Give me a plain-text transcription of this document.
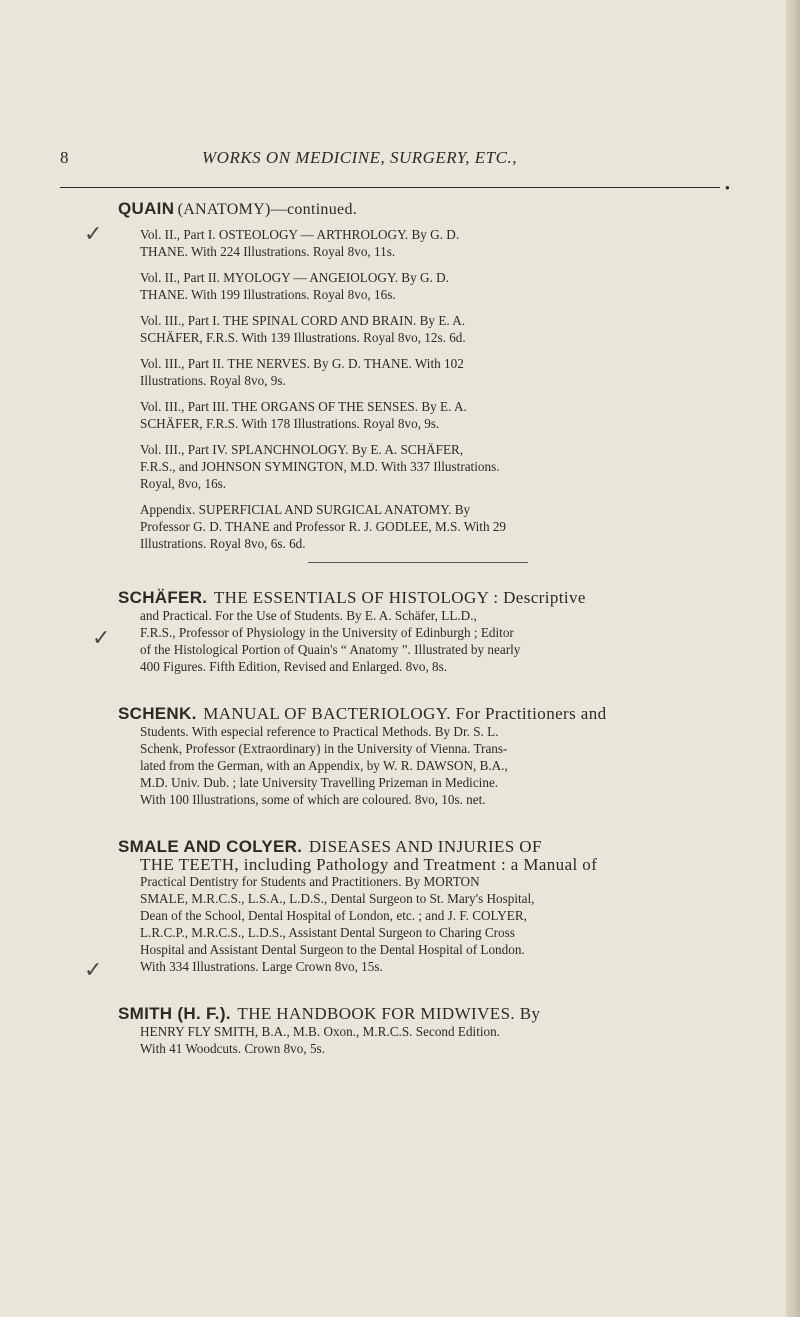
8	WORKS ON MEDICINE, SURGERY, ETC.,
●
✓
✓
✓
QUAIN (ANATOMY)—continued.
Vol. II., Part I. OSTEOLOGY — ARTHROLOGY. By G. D.
THANE. With 224 Illustrations. Royal 8vo, 11s.
Vol. II., Part II. MYOLOGY — ANGEIOLOGY. By G. D.
THANE. With 199 Illustrations. Royal 8vo, 16s.
Vol. III., Part I. THE SPINAL CORD AND BRAIN. By E. A.
SCHÄFER, F.R.S. With 139 Illustrations. Royal 8vo, 12s. 6d.
Vol. III., Part II. THE NERVES. By G. D. THANE. With 102
Illustrations. Royal 8vo, 9s.
Vol. III., Part III. THE ORGANS OF THE SENSES. By E. A.
SCHÄFER, F.R.S. With 178 Illustrations. Royal 8vo, 9s.
Vol. III., Part IV. SPLANCHNOLOGY. By E. A. SCHÄFER,
F.R.S., and JOHNSON SYMINGTON, M.D. With 337 Illustrations.
Royal, 8vo, 16s.
Appendix. SUPERFICIAL AND SURGICAL ANATOMY. By
Professor G. D. THANE and Professor R. J. GODLEE, M.S. With 29
Illustrations. Royal 8vo, 6s. 6d.
SCHÄFER. THE ESSENTIALS OF HISTOLOGY : Descriptive
and Practical. For the Use of Students. By E. A. Schäfer, LL.D.,
F.R.S., Professor of Physiology in the University of Edinburgh ; Editor
of the Histological Portion of Quain's “ Anatomy ”. Illustrated by nearly
400 Figures. Fifth Edition, Revised and Enlarged. 8vo, 8s.
SCHENK. MANUAL OF BACTERIOLOGY. For Practitioners and
Students. With especial reference to Practical Methods. By Dr. S. L.
Schenk, Professor (Extraordinary) in the University of Vienna. Trans-
lated from the German, with an Appendix, by W. R. DAWSON, B.A.,
M.D. Univ. Dub. ; late University Travelling Prizeman in Medicine.
With 100 Illustrations, some of which are coloured. 8vo, 10s. net.
SMALE AND COLYER. DISEASES AND INJURIES OF
THE TEETH, including Pathology and Treatment : a Manual of
Practical Dentistry for Students and Practitioners. By MORTON
SMALE, M.R.C.S., L.S.A., L.D.S., Dental Surgeon to St. Mary's Hospital,
Dean of the School, Dental Hospital of London, etc. ; and J. F. COLYER,
L.R.C.P., M.R.C.S., L.D.S., Assistant Dental Surgeon to Charing Cross
Hospital and Assistant Dental Surgeon to the Dental Hospital of London.
With 334 Illustrations. Large Crown 8vo, 15s.
SMITH (H. F.). THE HANDBOOK FOR MIDWIVES. By
HENRY FLY SMITH, B.A., M.B. Oxon., M.R.C.S. Second Edition.
With 41 Woodcuts. Crown 8vo, 5s.
